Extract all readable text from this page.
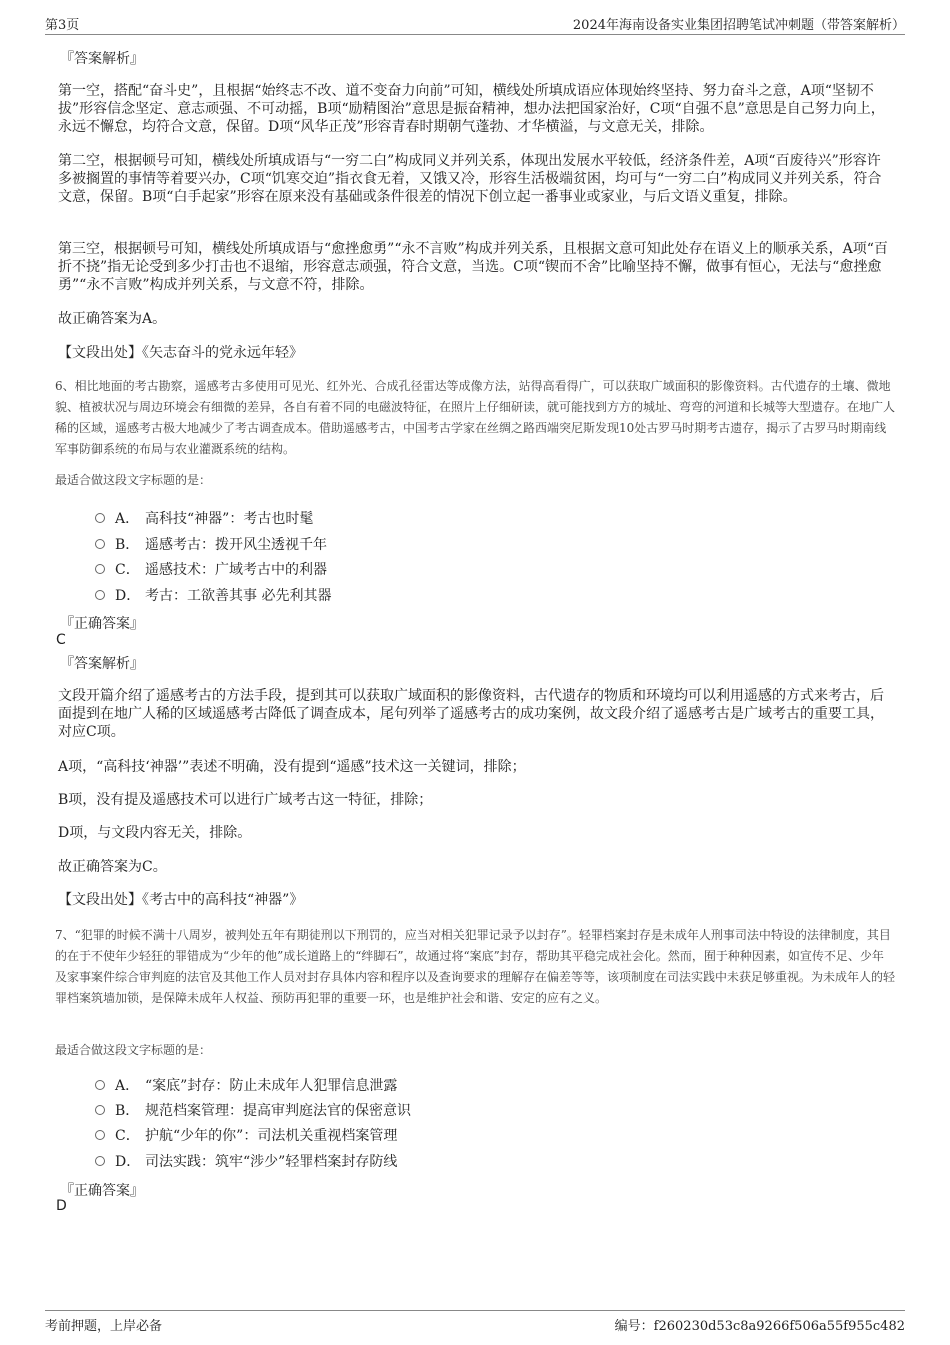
第3页	2024年海南设备实业集团招聘笔试冲刺题（带答案解析）
『答案解析』
第一空，搭配“奋斗史”，且根据“始终志不改、道不变奋力向前”可知，横线处所填成语应体现始终坚持、努力奋斗之意，A项“坚韧不拔”形容信念坚定、意志顽强、不可动摇，B项“励精图治”意思是振奋精神，想办法把国家治好，C项“自强不息”意思是自己努力向上，永远不懈怠，均符合文意，保留。D项“风华正茂”形容青春时期朝气蓬勃、才华横溢，与文意无关，排除。
第二空，根据顿号可知，横线处所填成语与“一穷二白”构成同义并列关系，体现出发展水平较低，经济条件差，A项“百废待兴”形容许多被搁置的事情等着要兴办，C项“饥寒交迫”指衣食无着，又饿又冷，形容生活极端贫困，均可与“一穷二白”构成同义并列关系，符合文意，保留。B项“白手起家”形容在原来没有基础或条件很差的情况下创立起一番事业或家业，与后文语义重复，排除。
第三空，根据顿号可知，横线处所填成语与“愈挫愈勇”“永不言败”构成并列关系，且根据文意可知此处存在语义上的顺承关系，A项“百折不挠”指无论受到多少打击也不退缩，形容意志顽强，符合文意，当选。C项“锲而不舍”比喻坚持不懈，做事有恒心，无法与“愈挫愈勇”“永不言败”构成并列关系，与文意不符，排除。
故正确答案为A。
【文段出处】《矢志奋斗的党永远年轻》
6、相比地面的考古勘察，遥感考古多使用可见光、红外光、合成孔径雷达等成像方法，站得高看得广，可以获取广域面积的影像资料。古代遗存的土壤、微地貌、植被状况与周边环境会有细微的差异，各自有着不同的电磁波特征，在照片上仔细研读，就可能找到方方的城址、弯弯的河道和长城等大型遗存。在地广人稀的区域，遥感考古极大地减少了考古调查成本。借助遥感考古，中国考古学家在丝绸之路西端突尼斯发现10处古罗马时期考古遗存，揭示了古罗马时期南线军事防御系统的布局与农业灌溉系统的结构。
最适合做这段文字标题的是：
A． 高科技“神器”：考古也时髦
B． 遥感考古：拨开风尘透视千年
C． 遥感技术：广域考古中的利器
D． 考古：工欲善其事 必先利其器
『正确答案』
C
『答案解析』
文段开篇介绍了遥感考古的方法手段，提到其可以获取广域面积的影像资料，古代遗存的物质和环境均可以利用遥感的方式来考古，后面提到在地广人稀的区域遥感考古降低了调查成本，尾句列举了遥感考古的成功案例，故文段介绍了遥感考古是广域考古的重要工具，对应C项。
A项，“高科技‘神器’”表述不明确，没有提到“遥感”技术这一关键词，排除；
B项，没有提及遥感技术可以进行广域考古这一特征，排除；
D项，与文段内容无关，排除。
故正确答案为C。
【文段出处】《考古中的高科技“神器”》
7、“犯罪的时候不满十八周岁，被判处五年有期徒刑以下刑罚的，应当对相关犯罪记录予以封存”。轻罪档案封存是未成年人刑事司法中特设的法律制度，其目的在于不使年少轻狂的罪错成为“少年的他”成长道路上的“绊脚石”，故通过将“案底”封存，帮助其平稳完成社会化。然而，囿于种种因素，如宣传不足、少年及家事案件综合审判庭的法官及其他工作人员对封存具体内容和程序以及查询要求的理解存在偏差等等，该项制度在司法实践中未获足够重视。为未成年人的轻罪档案筑墙加锁，是保障未成年人权益、预防再犯罪的重要一环，也是维护社会和谐、安定的应有之义。
最适合做这段文字标题的是：
A． “案底”封存：防止未成年人犯罪信息泄露
B． 规范档案管理：提高审判庭法官的保密意识
C． 护航“少年的你”：司法机关重视档案管理
D． 司法实践：筑牢“涉少”轻罪档案封存防线
『正确答案』
D
考前押题，上岸必备	编号：f260230d53c8a9266f506a55f955c482
